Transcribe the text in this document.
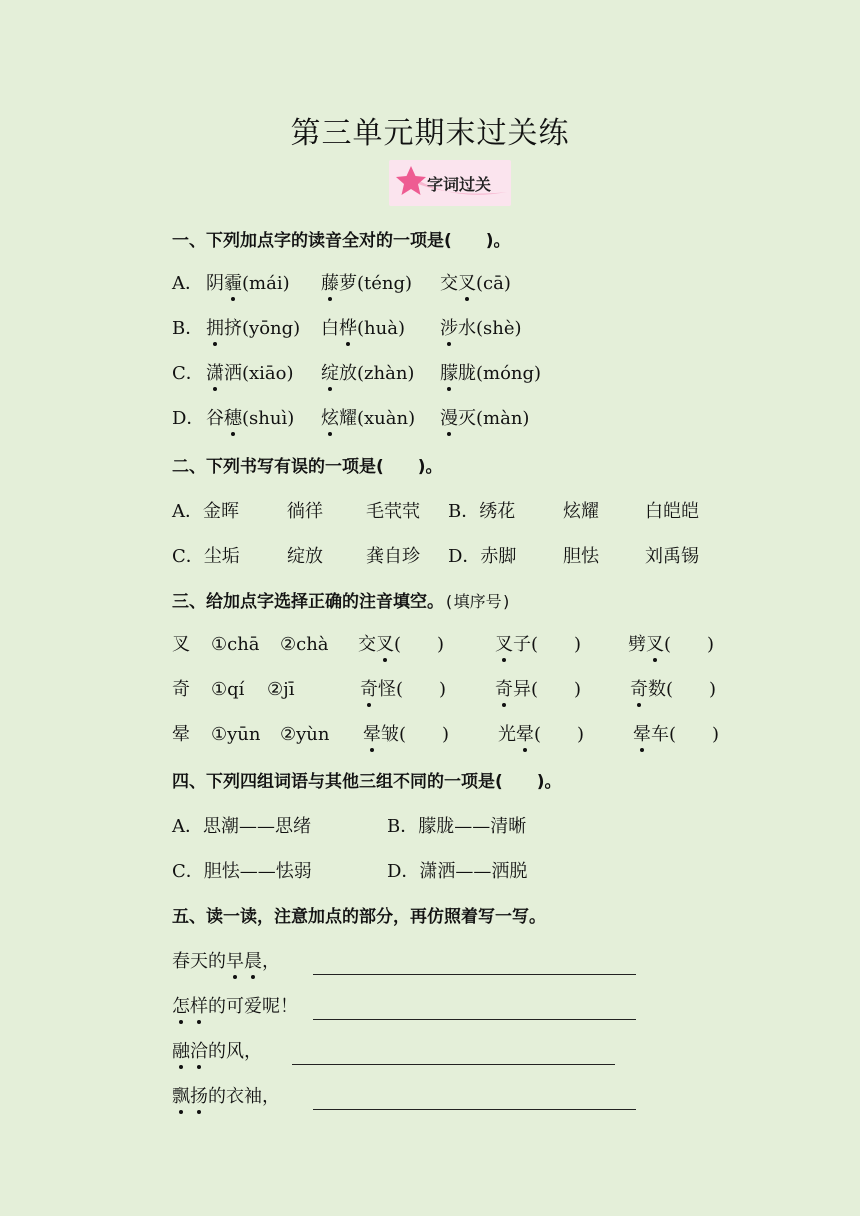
第三单元期末过关练
字词过关
一、下列加点字的读音全对的一项是(　　)。
A． 阴霾(mái) 藤萝(téng) 交叉(cā)
B． 拥挤(yōng) 白桦(huà) 涉水(shè)
C． 潇洒(xiāo) 绽放(zhàn) 朦胧(móng)
D． 谷穗(shuì) 炫耀(xuàn) 漫灭(màn)
二、下列书写有误的一项是(　　)。
A．金晖	徜徉 毛茕茕 B．绣花	炫耀	白皑皑
C．尘垢	绽放 龚自珍 D．赤脚	胆怯	刘禹锡
三、给加点字选择正确的注音填空。(填序号)
叉 ①chā ②chà 交叉(　　)	叉子(　　)	劈叉(　　)
奇 ①qí ②jī	奇怪(　　)	奇异(　　)	奇数(　　)
晕 ①yūn ②yùn 晕皱(　　)	光晕(　　)	晕车(　　)
四、下列四组词语与其他三组不同的一项是(　　)。
A．思潮——思绪	B．朦胧——清晰
C．胆怯——怯弱	D．潇洒——洒脱
五、读一读，注意加点的部分，再仿照着写一写。
春天的早晨，
怎样的可爱呢！
融洽的风，
飘扬的衣袖，
